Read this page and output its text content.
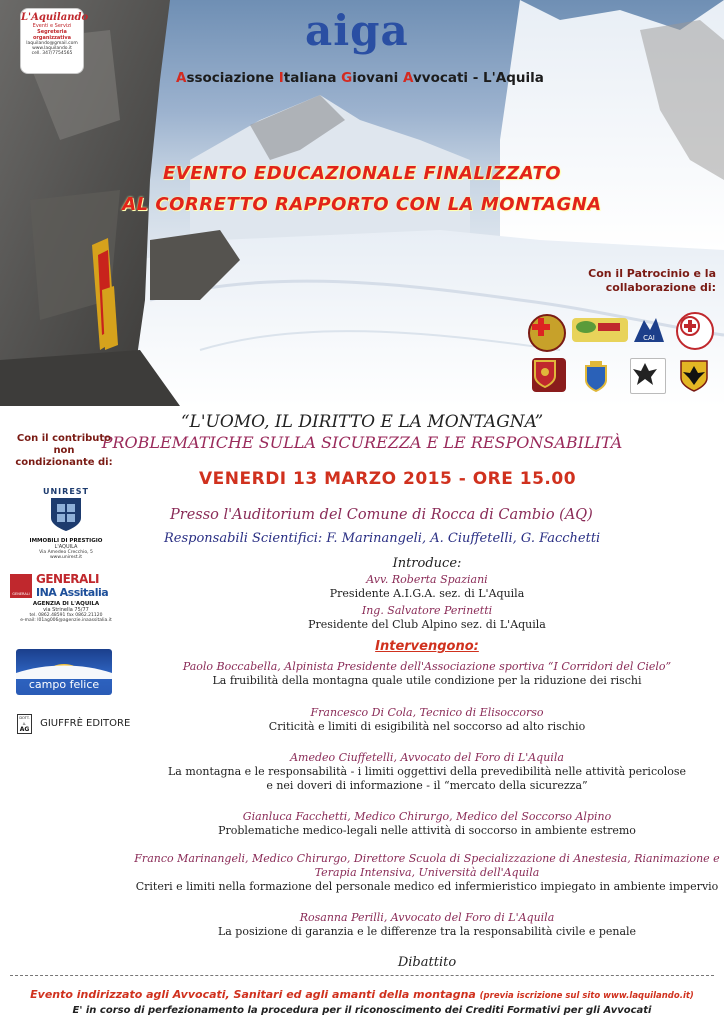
L'Aquilando
Eventi e Servizi
Segreteria organizzativa
laquilando@gmail.com
www.laquilando.it
cell. 347/7754565	aiga
Associazione Italiana Giovani Avvocati - L'Aquila
EVENTO EDUCAZIONALE FINALIZZATO
AL CORRETTO RAPPORTO CON LA MONTAGNA
Con il Patrocinio e la
collaborazione di:
CAI
“L'UOMO, IL DIRITTO E LA MONTAGNA”
PROBLEMATICHE SULLA SICUREZZA E LE RESPONSABILITÀ
VENERDI 13 MARZO 2015 - ORE 15.00
Presso l'Auditorium del Comune di Rocca di Cambio (AQ)
Responsabili Scientifici: F. Marinangeli, A. Ciuffetelli, G. Facchetti
Con il contributo non
condizionante di:
UNIREST
IMMOBILI DI PRESTIGIO
L'AQUILA
Via Amedeo Crecchio, 5
www.unirest.it
GENERALI
GENERALI
INA Assitalia
AGENZIA DI L'AQUILA
via Strinella 75/77
tel. 0862.48591 fax 0862.21120
e-mail: l01ag006@agenzie.inaassitalia.it
campo felice
DOTT. A.
AG GIUFFRÈ EDITORE
Introduce:
Avv. Roberta Spaziani
Presidente A.I.G.A. sez. di L'Aquila
Ing. Salvatore Perinetti
Presidente del Club Alpino sez. di L'Aquila
Intervengono:
Paolo Boccabella, Alpinista Presidente dell'Associazione sportiva “I Corridori del Cielo”
La fruibilità della montagna quale utile condizione per la riduzione dei rischi
Francesco Di Cola, Tecnico di Elisoccorso
Criticità e limiti di esigibilità nel soccorso ad alto rischio
Amedeo Ciuffetelli, Avvocato del Foro di L'Aquila
La montagna e le responsabilità - i limiti oggettivi della prevedibilità nelle attività pericolose
e nei doveri di informazione - il “mercato della sicurezza”
Gianluca Facchetti, Medico Chirurgo, Medico del Soccorso Alpino
Problematiche medico-legali nelle attività di soccorso in ambiente estremo
Franco Marinangeli, Medico Chirurgo, Direttore Scuola di Specializzazione di Anestesia, Rianimazione e
Terapia Intensiva, Università dell'Aquila
Criteri e limiti nella formazione del personale medico ed infermieristico impiegato in ambiente impervio
Rosanna Perilli, Avvocato del Foro di L'Aquila
La posizione di garanzia e le differenze tra la responsabilità civile e penale
Dibattito
Evento indirizzato agli Avvocati, Sanitari ed agli amanti della montagna (previa iscrizione sul sito www.laquilando.it)
E' in corso di perfezionamento la procedura per il riconoscimento dei Crediti Formativi per gli Avvocati
